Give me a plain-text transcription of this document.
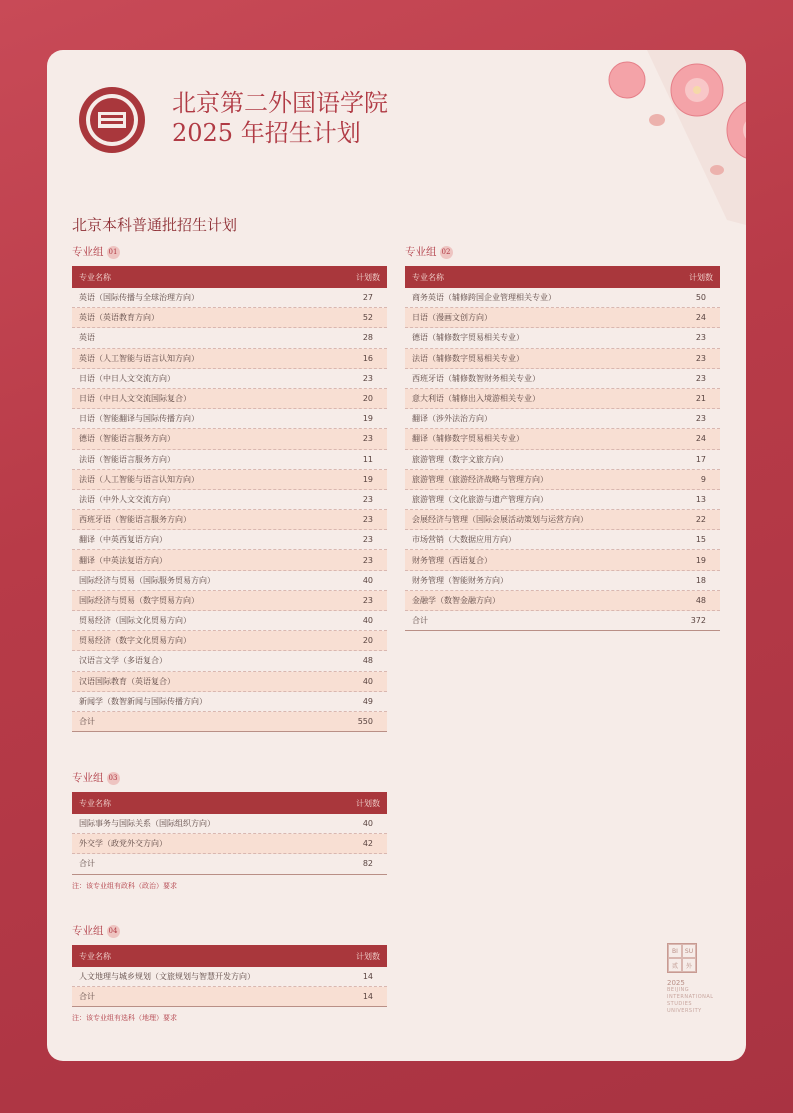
北京第二外国语学院
2025 年招生计划
北京本科普通批招生计划
专业组 01
专业名称	计划数
英语（国际传播与全球治理方向）	27
英语（英语教育方向）	52
英语	28
英语（人工智能与语言认知方向）	16
日语（中日人文交流方向）	23
日语（中日人文交流国际复合）	20
日语（智能翻译与国际传播方向）	19
德语（智能语言服务方向）	23
法语（智能语言服务方向）	11
法语（人工智能与语言认知方向）	19
法语（中外人文交流方向）	23
西班牙语（智能语言服务方向）	23
翻译（中英西复语方向）	23
翻译（中英法复语方向）	23
国际经济与贸易（国际服务贸易方向）	40
国际经济与贸易（数字贸易方向）	23
贸易经济（国际文化贸易方向）	40
贸易经济（数字文化贸易方向）	20
汉语言文学（多语复合）	48
汉语国际教育（英语复合）	40
新闻学（数智新闻与国际传播方向）	49
合计	550
专业组 02
专业名称	计划数
商务英语（辅修跨国企业管理相关专业）	50
日语（漫画文创方向）	24
德语（辅修数字贸易相关专业）	23
法语（辅修数字贸易相关专业）	23
西班牙语（辅修数智财务相关专业）	23
意大利语（辅修出入境游相关专业）	21
翻译（涉外法治方向）	23
翻译（辅修数字贸易相关专业）	24
旅游管理（数字文旅方向）	17
旅游管理（旅游经济战略与管理方向）	9
旅游管理（文化旅游与遗产管理方向）	13
会展经济与管理（国际会展活动策划与运营方向）	22
市场营销（大数据应用方向）	15
财务管理（西语复合）	19
财务管理（智能财务方向）	18
金融学（数智金融方向）	48
合计	372
专业组 03
专业名称	计划数
国际事务与国际关系（国际组织方向）	40
外交学（政党外交方向）	42
合计	82
注：该专业组有政科（政治）要求
专业组 04
专业名称	计划数
人文地理与城乡规划（文旅规划与智慧开发方向）	14
合计	14
注：该专业组有选科（地理）要求
BI	SU
贰	外
2025
BEIJING
INTERNATIONAL
STUDIES
UNIVERSITY
